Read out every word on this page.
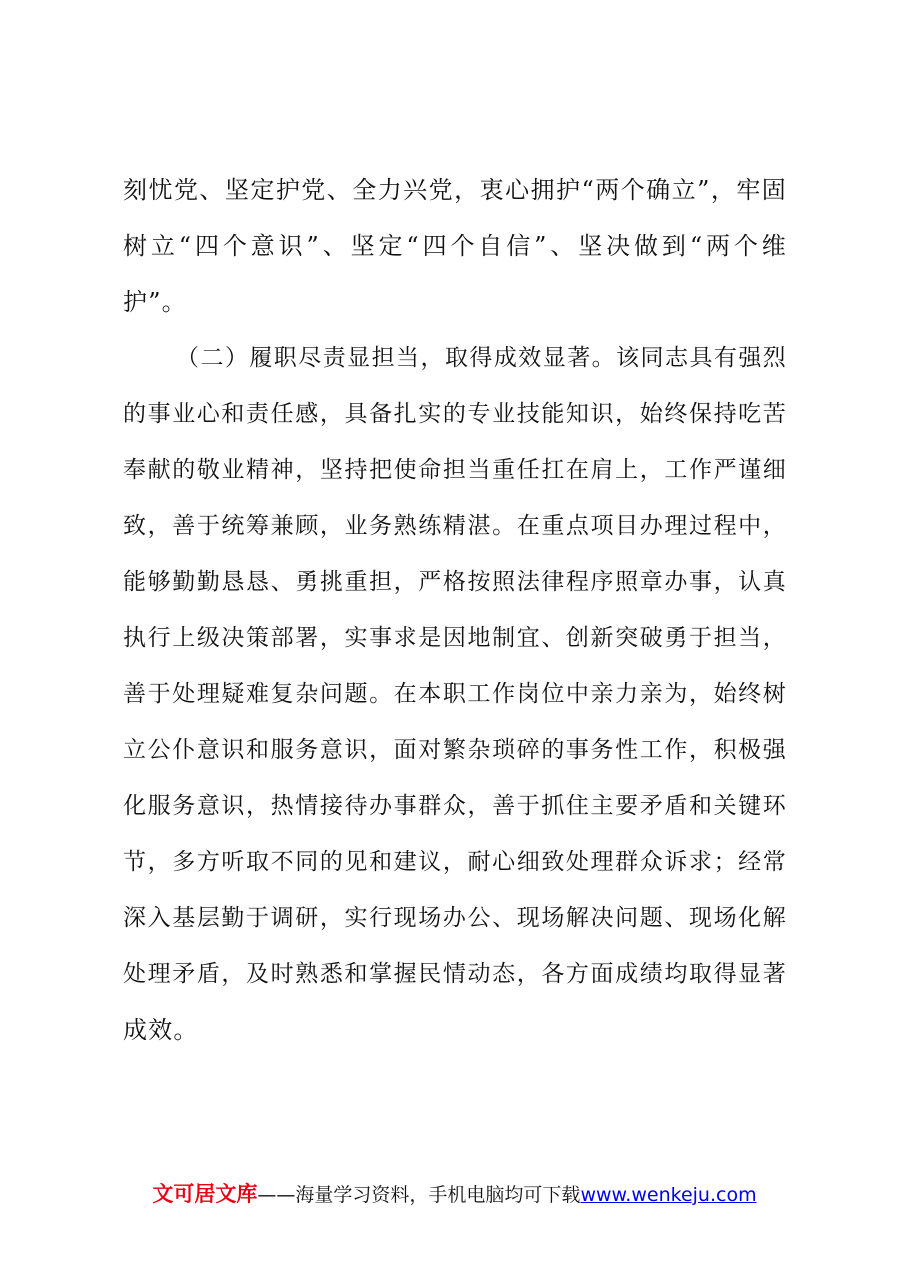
刻忧党、坚定护党、全力兴党，衷心拥护“两个确立”，牢固
树立“四个意识”、坚定“四个自信”、坚决做到“两个维
护”。
（二）履职尽责显担当，取得成效显著。该同志具有强烈
的事业心和责任感，具备扎实的专业技能知识，始终保持吃苦
奉献的敬业精神，坚持把使命担当重任扛在肩上，工作严谨细
致，善于统筹兼顾，业务熟练精湛。在重点项目办理过程中，
能够勤勤恳恳、勇挑重担，严格按照法律程序照章办事，认真
执行上级决策部署，实事求是因地制宜、创新突破勇于担当，
善于处理疑难复杂问题。在本职工作岗位中亲力亲为，始终树
立公仆意识和服务意识，面对繁杂琐碎的事务性工作，积极强
化服务意识，热情接待办事群众，善于抓住主要矛盾和关键环
节，多方听取不同的见和建议，耐心细致处理群众诉求；经常
深入基层勤于调研，实行现场办公、现场解决问题、现场化解
处理矛盾，及时熟悉和掌握民情动态，各方面成绩均取得显著
成效。
文可居文库——海量学习资料，手机电脑均可下载www.wenkeju.com
